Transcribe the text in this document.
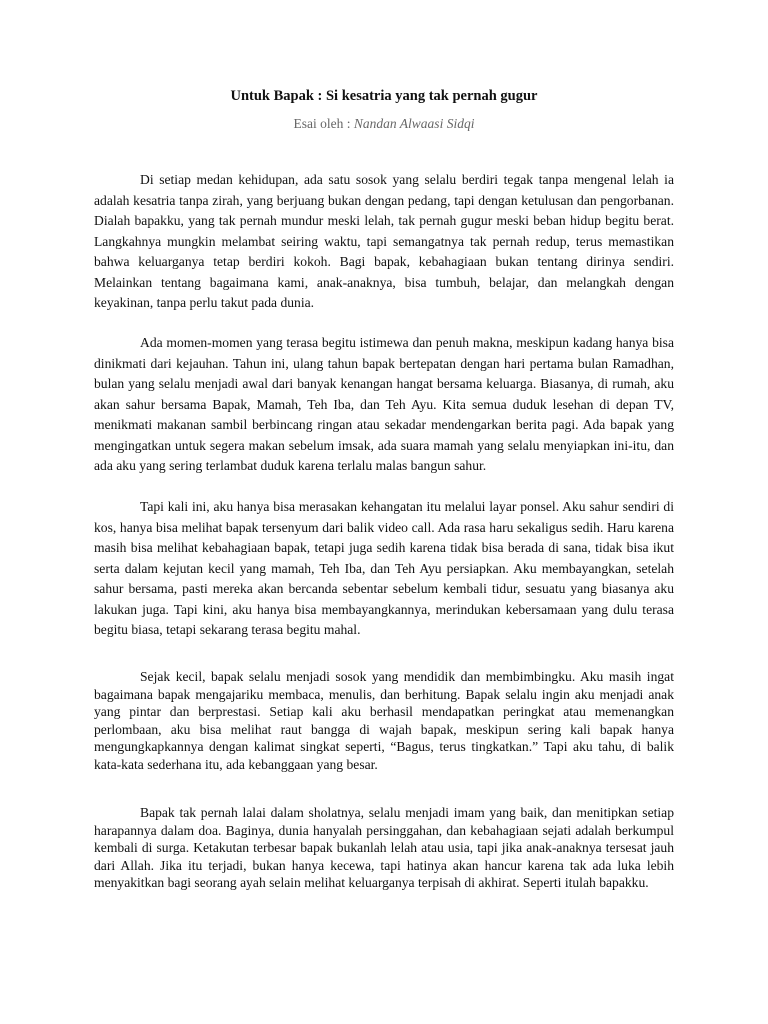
Untuk Bapak : Si kesatria yang tak pernah gugur

Esai oleh : Nandan Alwaasi Sidqi

Di setiap medan kehidupan, ada satu sosok yang selalu berdiri tegak tanpa mengenal lelah ia adalah kesatria tanpa zirah, yang berjuang bukan dengan pedang, tapi dengan ketulusan dan pengorbanan. Dialah bapakku, yang tak pernah mundur meski lelah, tak pernah gugur meski beban hidup begitu berat. Langkahnya mungkin melambat seiring waktu, tapi semangatnya tak pernah redup, terus memastikan bahwa keluarganya tetap berdiri kokoh. Bagi bapak, kebahagiaan bukan tentang dirinya sendiri. Melainkan tentang bagaimana kami, anak-anaknya, bisa tumbuh, belajar, dan melangkah dengan keyakinan, tanpa perlu takut pada dunia.

Ada momen-momen yang terasa begitu istimewa dan penuh makna, meskipun kadang hanya bisa dinikmati dari kejauhan. Tahun ini, ulang tahun bapak bertepatan dengan hari pertama bulan Ramadhan, bulan yang selalu menjadi awal dari banyak kenangan hangat bersama keluarga. Biasanya, di rumah, aku akan sahur bersama Bapak, Mamah, Teh Iba, dan Teh Ayu. Kita semua duduk lesehan di depan TV, menikmati makanan sambil berbincang ringan atau sekadar mendengarkan berita pagi. Ada bapak yang mengingatkan untuk segera makan sebelum imsak, ada suara mamah yang selalu menyiapkan ini-itu, dan ada aku yang sering terlambat duduk karena terlalu malas bangun sahur.

Tapi kali ini, aku hanya bisa merasakan kehangatan itu melalui layar ponsel. Aku sahur sendiri di kos, hanya bisa melihat bapak tersenyum dari balik video call. Ada rasa haru sekaligus sedih. Haru karena masih bisa melihat kebahagiaan bapak, tetapi juga sedih karena tidak bisa berada di sana, tidak bisa ikut serta dalam kejutan kecil yang mamah, Teh Iba, dan Teh Ayu persiapkan. Aku membayangkan, setelah sahur bersama, pasti mereka akan bercanda sebentar sebelum kembali tidur, sesuatu yang biasanya aku lakukan juga. Tapi kini, aku hanya bisa membayangkannya, merindukan kebersamaan yang dulu terasa begitu biasa, tetapi sekarang terasa begitu mahal.

Sejak kecil, bapak selalu menjadi sosok yang mendidik dan membimbingku. Aku masih ingat bagaimana bapak mengajariku membaca, menulis, dan berhitung. Bapak selalu ingin aku menjadi anak yang pintar dan berprestasi. Setiap kali aku berhasil mendapatkan peringkat atau memenangkan perlombaan, aku bisa melihat raut bangga di wajah bapak, meskipun sering kali bapak hanya mengungkapkannya dengan kalimat singkat seperti, “Bagus, terus tingkatkan.” Tapi aku tahu, di balik kata-kata sederhana itu, ada kebanggaan yang besar.

Bapak tak pernah lalai dalam sholatnya, selalu menjadi imam yang baik, dan menitipkan setiap harapannya dalam doa. Baginya, dunia hanyalah persinggahan, dan kebahagiaan sejati adalah berkumpul kembali di surga. Ketakutan terbesar bapak bukanlah lelah atau usia, tapi jika anak-anaknya tersesat jauh dari Allah. Jika itu terjadi, bukan hanya kecewa, tapi hatinya akan hancur karena tak ada luka lebih menyakitkan bagi seorang ayah selain melihat keluarganya terpisah di akhirat. Seperti itulah bapakku.
